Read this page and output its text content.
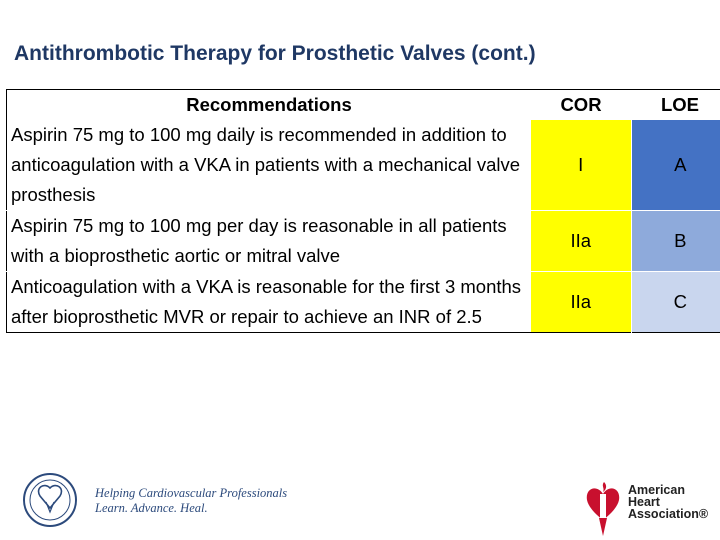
Antithrombotic Therapy for Prosthetic Valves (cont.)
Recommendations	COR	LOE
Aspirin 75 mg to 100 mg daily is recommended in addition to anticoagulation with a VKA in patients with a mechanical valve prosthesis	I	A
Aspirin 75 mg to 100 mg per day is reasonable in all patients with a bioprosthetic aortic or mitral valve	IIa	B
Anticoagulation with a VKA is reasonable for the first 3 months after bioprosthetic MVR or repair to achieve an INR of 2.5	IIa	C
Helping Cardiovascular Professionals
Learn. Advance. Heal.
American
Heart
Association®
